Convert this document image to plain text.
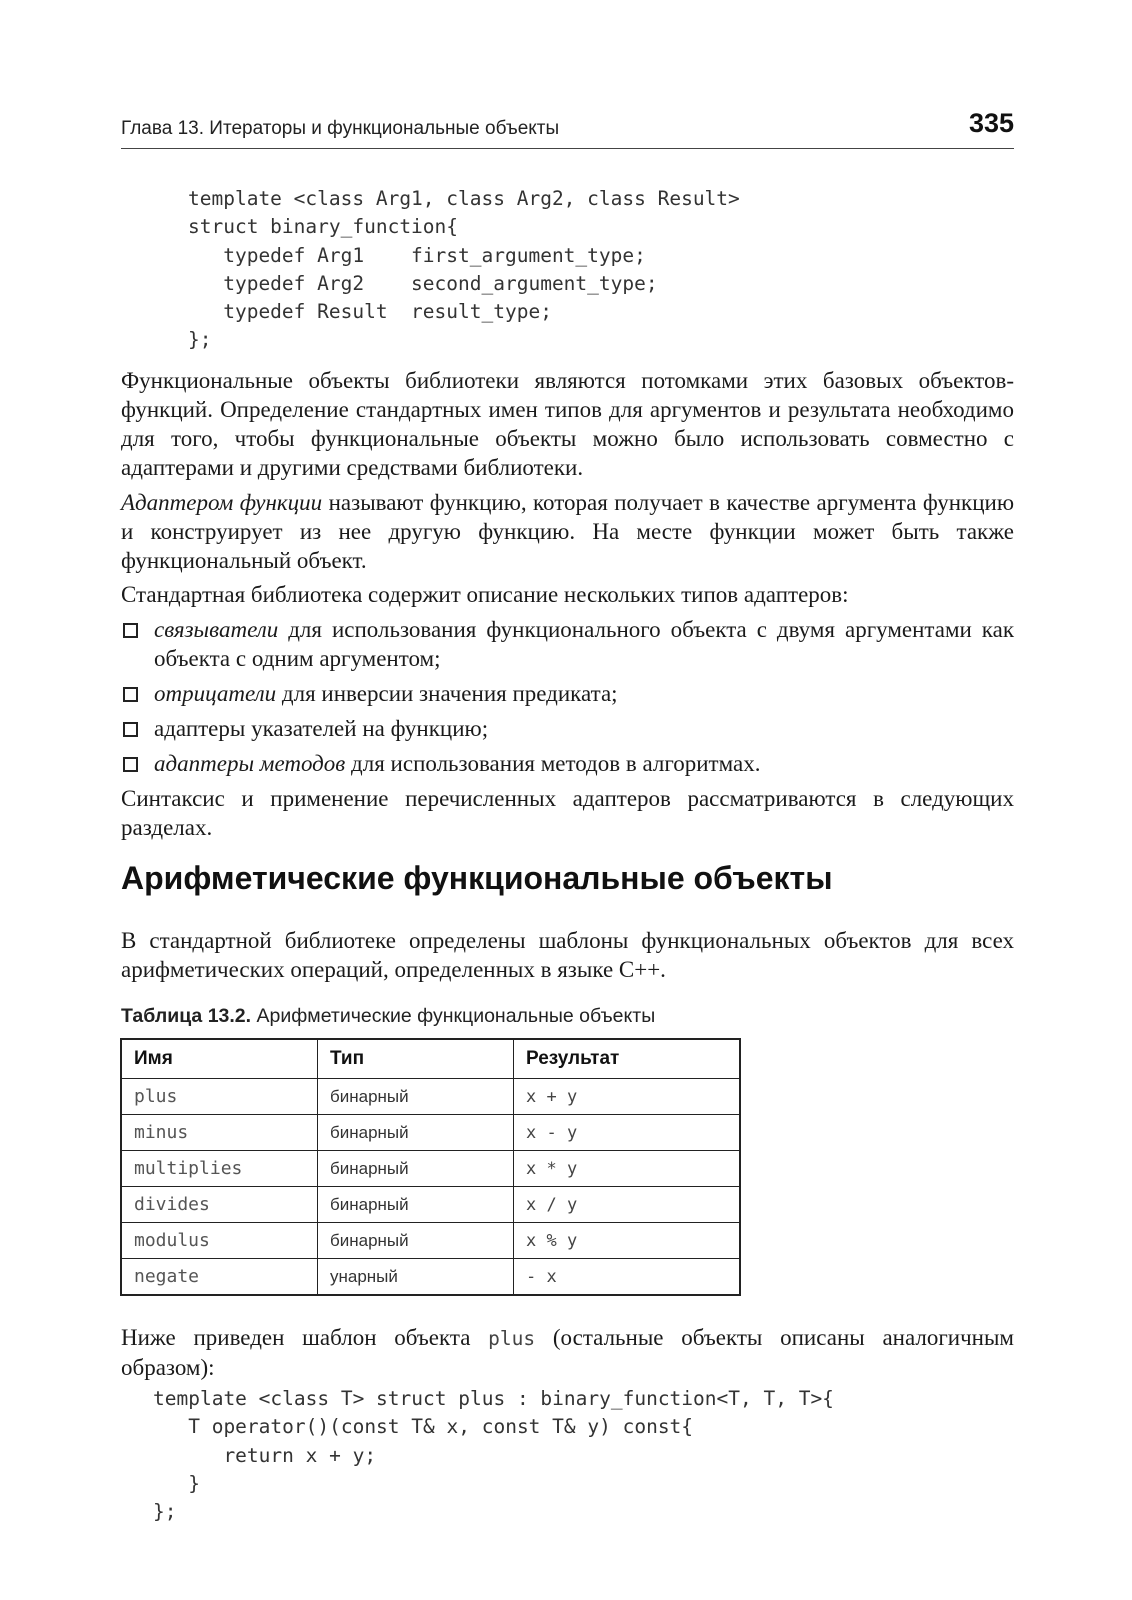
Глава 13. Итераторы и функциональные объекты	335
template <class Arg1, class Arg2, class Result>
struct binary_function{
typedef Arg1    first_argument_type;
typedef Arg2    second_argument_type;
typedef Result  result_type;
};

Функциональные объекты библиотеки являются потомками этих базовых объектов-функций. Определение стандартных имен типов для аргументов и результата необходимо для того, чтобы функциональные объекты можно было использовать совместно с адаптерами и другими средствами библиотеки.

Адаптером функции называют функцию, которая получает в качестве аргумента функцию и конструирует из нее другую функцию. На месте функции может быть также функциональный объект.

Стандартная библиотека содержит описание нескольких типов адаптеров:

связыватели для использования функционального объекта с двумя аргументами как объекта с одним аргументом;
отрицатели для инверсии значения предиката;
адаптеры указателей на функцию;
адаптеры методов для использования методов в алгоритмах.

Синтаксис и применение перечисленных адаптеров рассматриваются в следующих разделах.

Арифметические функциональные объекты

В стандартной библиотеке определены шаблоны функциональных объектов для всех арифметических операций, определенных в языке С++.

Таблица 13.2. Арифметические функциональные объекты
Имя	Тип	Результат
plus	бинарный	x + y
minus	бинарный	x - y
multiplies	бинарный	x * y
divides	бинарный	x / y
modulus	бинарный	x % y
negate	унарный	- x

Ниже приведен шаблон объекта plus (остальные объекты описаны аналогичным образом):

template <class T> struct plus : binary_function<T, T, T>{
T operator()(const T& x, const T& y) const{
return x + y;
}
};
